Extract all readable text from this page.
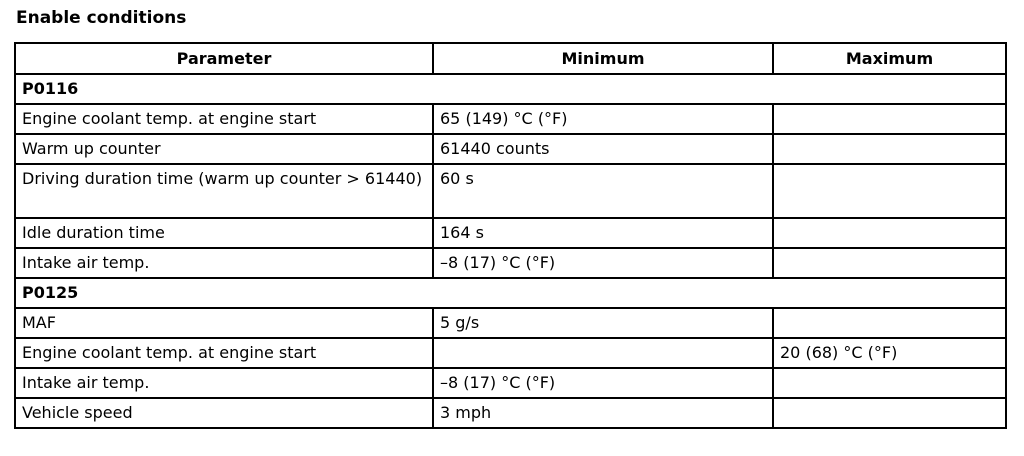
Enable conditions
Parameter	Minimum	Maximum
P0116		
Engine coolant temp. at engine start	65 (149) °C (°F)	
Warm up counter	61440 counts	
Driving duration time (warm up counter > 61440)	60 s	
Idle duration time	164 s	
Intake air temp.	–8 (17) °C (°F)	
P0125		
MAF	5 g/s	
Engine coolant temp. at engine start		20 (68) °C (°F)
Intake air temp.	–8 (17) °C (°F)	
Vehicle speed	3 mph	
